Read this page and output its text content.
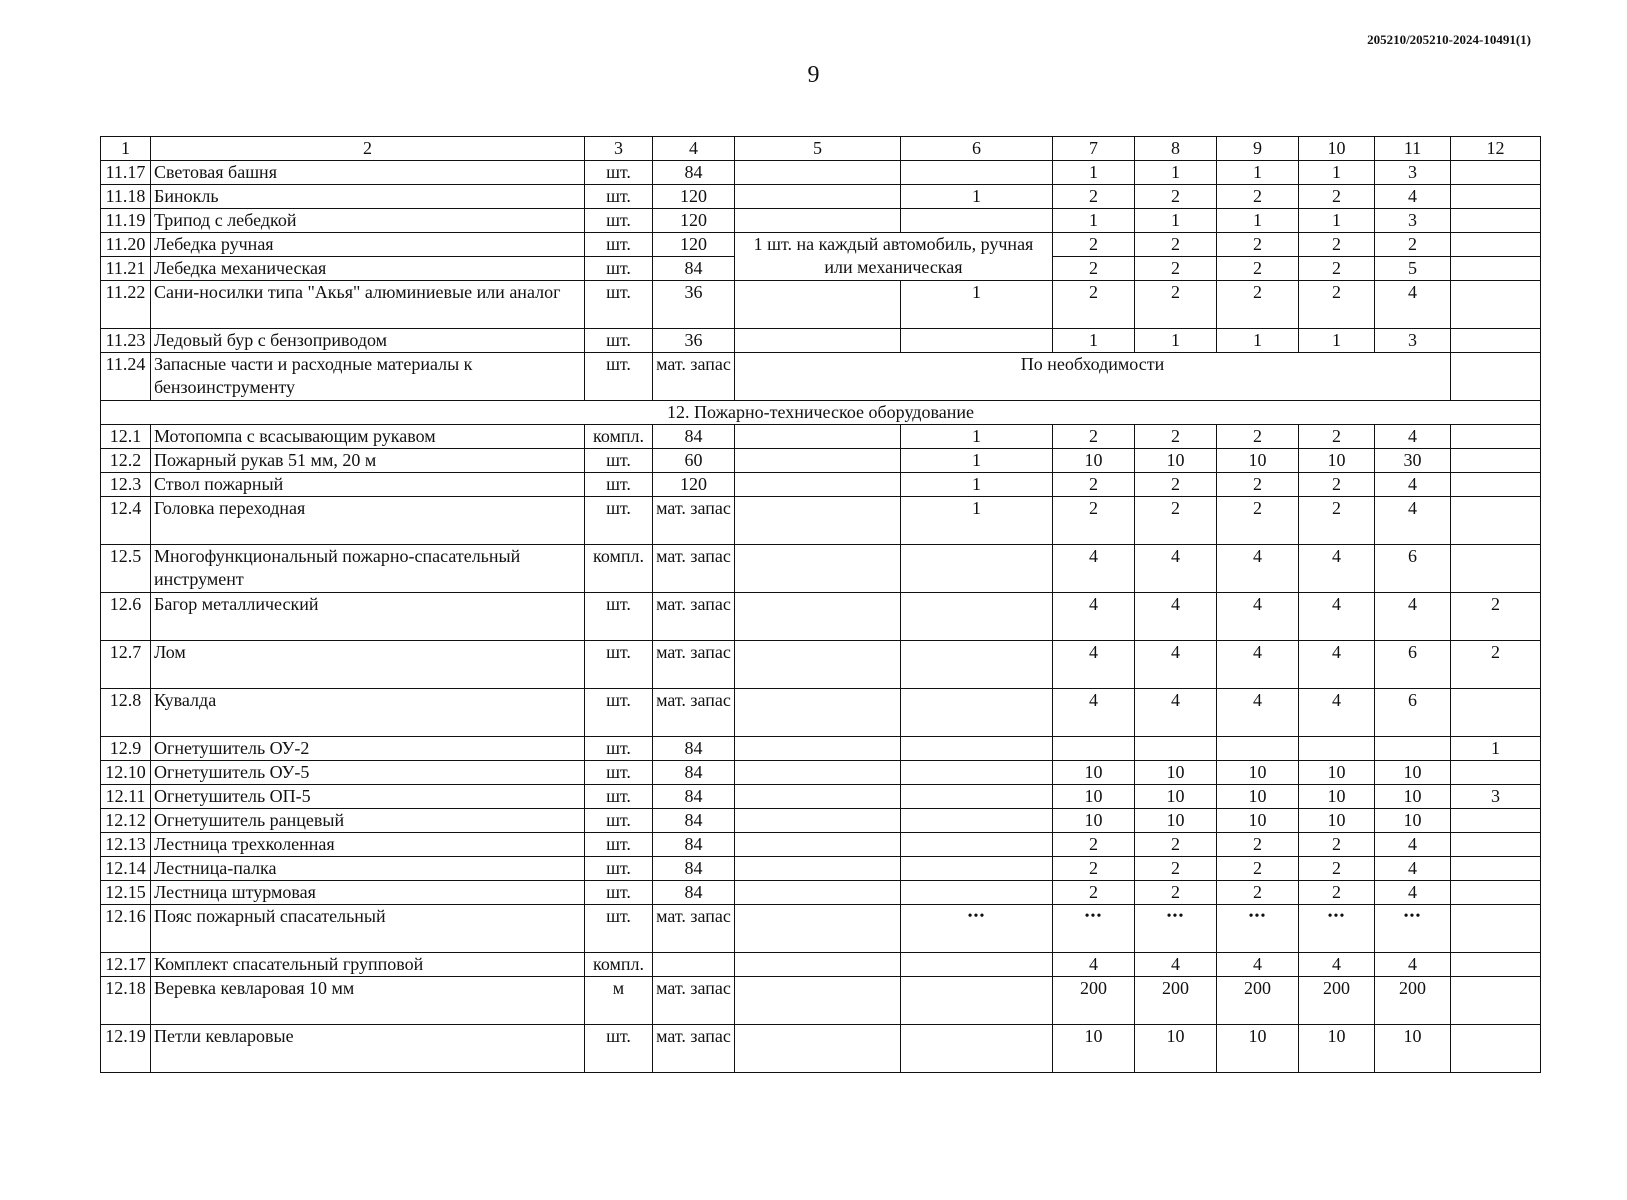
205210/205210-2024-10491(1)
9
1	2	3	4	5	6	7	8	9	10	11	12
11.17	Световая башня	шт.	84			1	1	1	1	3	
11.18	Бинокль	шт.	120		1	2	2	2	2	4	
11.19	Трипод с лебедкой	шт.	120			1	1	1	1	3	
11.20	Лебедка ручная	шт.	120	1 шт. на каждый автомобиль, ручная или механическая		2	2	2	2	2	
11.21	Лебедка механическая	шт.	84			2	2	2	2	5	
11.22	Сани-носилки типа "Акья" алюминиевые или аналог	шт.	36		1	2	2	2	2	4	
11.23	Ледовый бур с бензоприводом	шт.	36			1	1	1	1	3	
11.24	Запасные части и расходные материалы к бензоинструменту	шт.	мат. запас	По необходимости							
12. Пожарно-техническое оборудование											
12.1	Мотопомпа с всасывающим рукавом	компл.	84		1	2	2	2	2	4	
12.2	Пожарный рукав 51 мм, 20 м	шт.	60		1	10	10	10	10	30	
12.3	Ствол пожарный	шт.	120		1	2	2	2	2	4	
12.4	Головка переходная	шт.	мат. запас		1	2	2	2	2	4	
12.5	Многофункциональный пожарно-спасательный инструмент	компл.	мат. запас			4	4	4	4	6	
12.6	Багор металлический	шт.	мат. запас			4	4	4	4	4	2
12.7	Лом	шт.	мат. запас			4	4	4	4	6	2
12.8	Кувалда	шт.	мат. запас			4	4	4	4	6	
12.9	Огнетушитель ОУ-2	шт.	84								1
12.10	Огнетушитель ОУ-5	шт.	84			10	10	10	10	10	
12.11	Огнетушитель ОП-5	шт.	84			10	10	10	10	10	3
12.12	Огнетушитель ранцевый	шт.	84			10	10	10	10	10	
12.13	Лестница трехколенная	шт.	84			2	2	2	2	4	
12.14	Лестница-палка	шт.	84			2	2	2	2	4	
12.15	Лестница штурмовая	шт.	84			2	2	2	2	4	
12.16	Пояс пожарный спасательный	шт.	мат. запас		•••	•••	•••	•••	•••	•••	
12.17	Комплект спасательный групповой	компл.				4	4	4	4	4	
12.18	Веревка кевларовая 10 мм	м	мат. запас			200	200	200	200	200	
12.19	Петли кевларовые	шт.	мат. запас			10	10	10	10	10	
